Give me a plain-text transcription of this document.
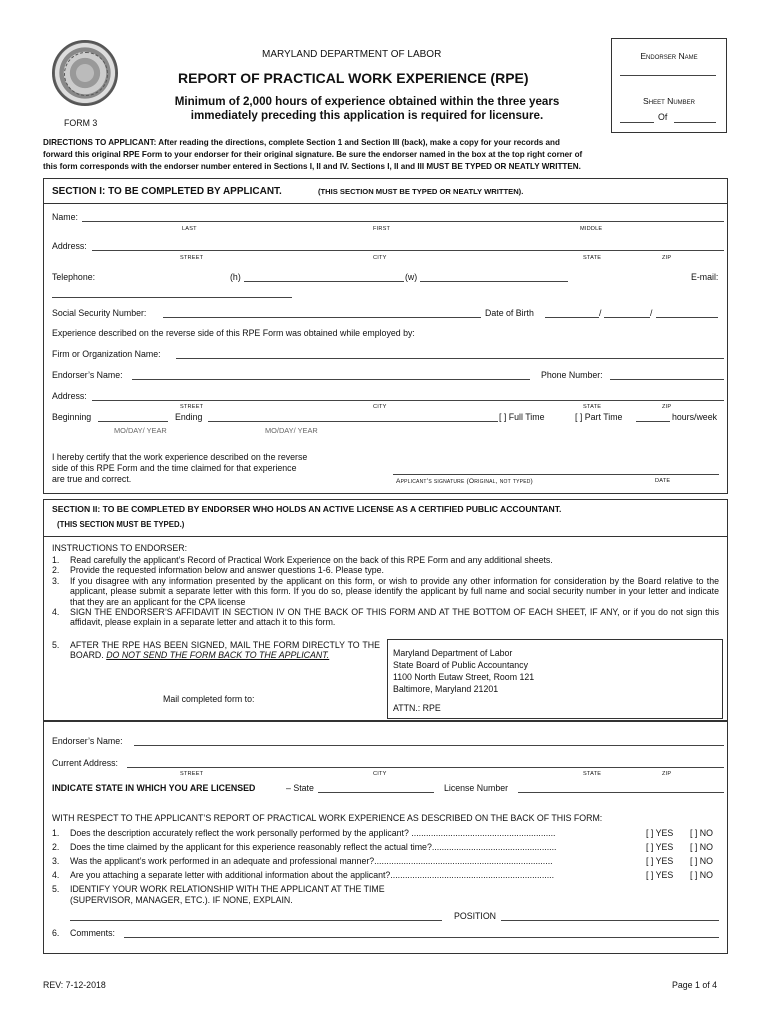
FORM 3
MARYLAND DEPARTMENT OF LABOR
REPORT OF PRACTICAL WORK EXPERIENCE (RPE)
Minimum of 2,000 hours of experience obtained within the three years
immediately preceding this application is required for licensure.
Endorser Name
Sheet Number
Of
DIRECTIONS TO APPLICANT: After reading the directions, complete Section 1 and Section III (back), make a copy for your records and
forward this original RPE Form to your endorser for their original signature. Be sure the endorser named in the box at the top right corner of
this form corresponds with the endorser number entered in Sections I, II and IV. Sections I, II and III MUST BE TYPED OR NEATLY WRITTEN.
SECTION I: TO BE COMPLETED BY APPLICANT.	(THIS SECTION MUST BE TYPED OR NEATLY WRITTEN).
Name:
LAST	FIRST	MIDDLE
Address:
STREET	CITY	STATE	ZIP
Telephone:	(h)	(w)	E-mail:
Social Security Number:	Date of Birth	/	/
Experience described on the reverse side of this RPE Form was obtained while employed by:
Firm or Organization Name:
Endorser’s Name:	Phone Number:
Address:
STREET	CITY	STATE	ZIP
Beginning	Ending	[ ] Full Time	[ ] Part Time	hours/week
MO/DAY/ YEAR	MO/DAY/ YEAR
I hereby certify that the work experience described on the reverse
side of this RPE Form and the time claimed for that experience
are true and correct.	Applicant’s signature (Original, not typed)	DATE
SECTION II: TO BE COMPLETED BY ENDORSER WHO HOLDS AN ACTIVE LICENSE AS A CERTIFIED PUBLIC ACCOUNTANT.
(THIS SECTION MUST BE TYPED.)
INSTRUCTIONS TO ENDORSER:
1.	Read carefully the applicant’s Record of Practical Work Experience on the back of this RPE Form and any additional sheets.
2.	Provide the requested information below and answer questions 1-6. Please type.
3.	If you disagree with any information presented by the applicant on this form, or wish to provide any other information for consideration by the Board relative to the applicant, please submit a separate letter with this form. If you do so, please identify the applicant by full name and social security number in your letter and indicate that they are an applicant for the CPA license
4.	SIGN THE ENDORSER’S AFFIDAVIT IN SECTION IV ON THE BACK OF THIS FORM AND AT THE BOTTOM OF EACH SHEET, IF ANY, or if you do not sign this affidavit, please explain in a separate letter and attach it to this form.
5.	AFTER THE RPE HAS BEEN SIGNED, MAIL THE FORM DIRECTLY TO THE BOARD. DO NOT SEND THE FORM BACK TO THE APPLICANT.
Mail completed form to:
Maryland Department of Labor
State Board of Public Accountancy
1100 North Eutaw Street, Room 121
Baltimore, Maryland 21201
ATTN.: RPE
Endorser’s Name:
Current Address:
STREET	CITY	STATE	ZIP
INDICATE STATE IN WHICH YOU ARE LICENSED	– State	License Number
WITH RESPECT TO THE APPLICANT’S REPORT OF PRACTICAL WORK EXPERIENCE AS DESCRIBED ON THE BACK OF THIS FORM:
1. Does the description accurately reflect the work personally performed by the applicant? ...........................................................	[ ] YES [ ] NO
2. Does the time claimed by the applicant for this experience reasonably reflect the actual time?...................................................	[ ] YES [ ] NO
3. Was the applicant’s work performed in an adequate and professional manner?.........................................................................	[ ] YES [ ] NO
4. Are you attaching a separate letter with additional information about the applicant?...................................................................	[ ] YES [ ] NO
5. IDENTIFY YOUR WORK RELATIONSHIP WITH THE APPLICANT AT THE TIME
(SUPERVISOR, MANAGER, ETC.). IF NONE, EXPLAIN.
POSITION
6. Comments:
REV: 7-12-2018	Page 1 of 4
